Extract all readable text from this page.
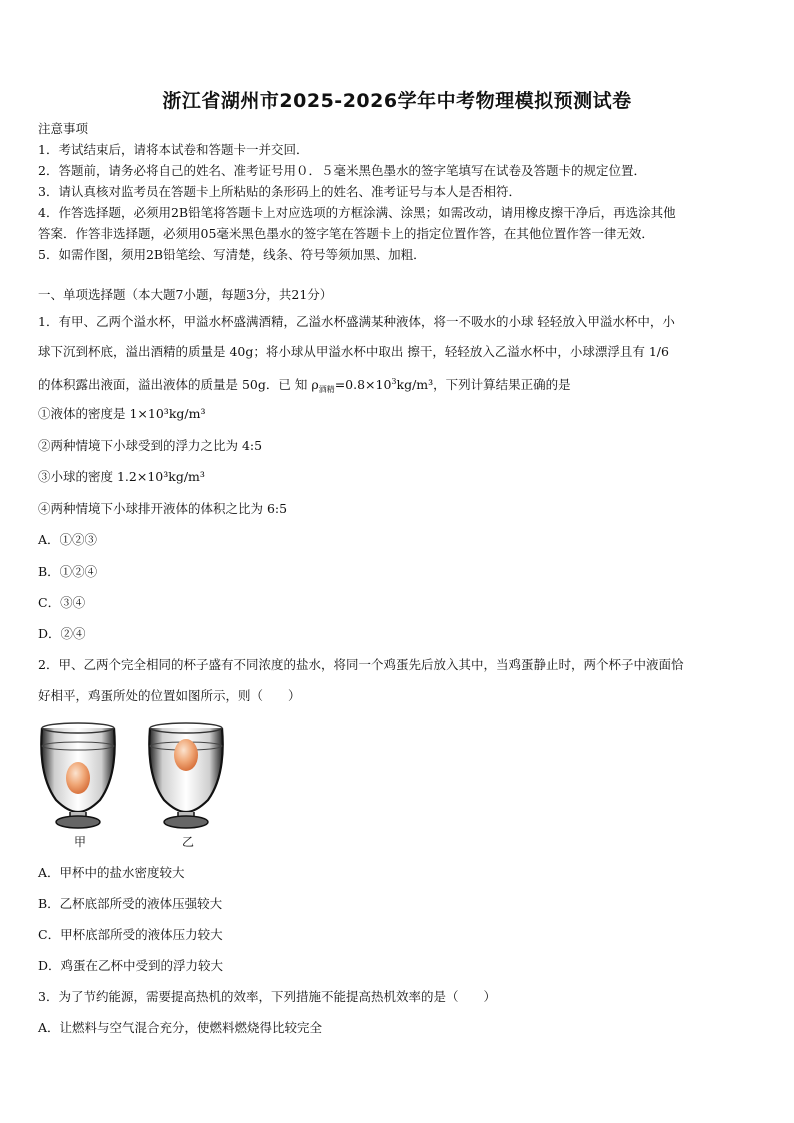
浙江省湖州市2025-2026学年中考物理模拟预测试卷
注意事项
1．考试结束后，请将本试卷和答题卡一并交回．
2．答题前，请务必将自己的姓名、准考证号用０．５毫米黑色墨水的签字笔填写在试卷及答题卡的规定位置．
3．请认真核对监考员在答题卡上所粘贴的条形码上的姓名、准考证号与本人是否相符．
4．作答选择题，必须用2B铅笔将答题卡上对应选项的方框涂满、涂黑；如需改动，请用橡皮擦干净后，再选涂其他
答案．作答非选择题，必须用05毫米黑色墨水的签字笔在答题卡上的指定位置作答，在其他位置作答一律无效．
5．如需作图，须用2B铅笔绘、写清楚，线条、符号等须加黑、加粗．
一、单项选择题（本大题7小题，每题3分，共21分）
1．有甲、乙两个溢水杯，甲溢水杯盛满酒精，乙溢水杯盛满某种液体，将一不吸水的小球 轻轻放入甲溢水杯中，小
球下沉到杯底，溢出酒精的质量是 40g；将小球从甲溢水杯中取出 擦干，轻轻放入乙溢水杯中，小球漂浮且有 1/6
的体积露出液面，溢出液体的质量是 50g．已 知 $\rho_{酒精}=0.8\times 10^3kg/m^3$，下列计算结果正确的是
①液体的密度是 1×10³kg/m³
②两种情境下小球受到的浮力之比为 4:5
③小球的密度 1.2×10³kg/m³
④两种情境下小球排开液体的体积之比为 6:5
A．①②③
B．①②④
C．③④
D．②④
2．甲、乙两个完全相同的杯子盛有不同浓度的盐水，将同一个鸡蛋先后放入其中，当鸡蛋静止时，两个杯子中液面恰
好相平，鸡蛋所处的位置如图所示，则（　　）
甲	乙
A．甲杯中的盐水密度较大
B．乙杯底部所受的液体压强较大
C．甲杯底部所受的液体压力较大
D．鸡蛋在乙杯中受到的浮力较大
3．为了节约能源，需要提高热机的效率，下列措施不能提高热机效率的是（　　）
A．让燃料与空气混合充分，使燃料燃烧得比较完全
